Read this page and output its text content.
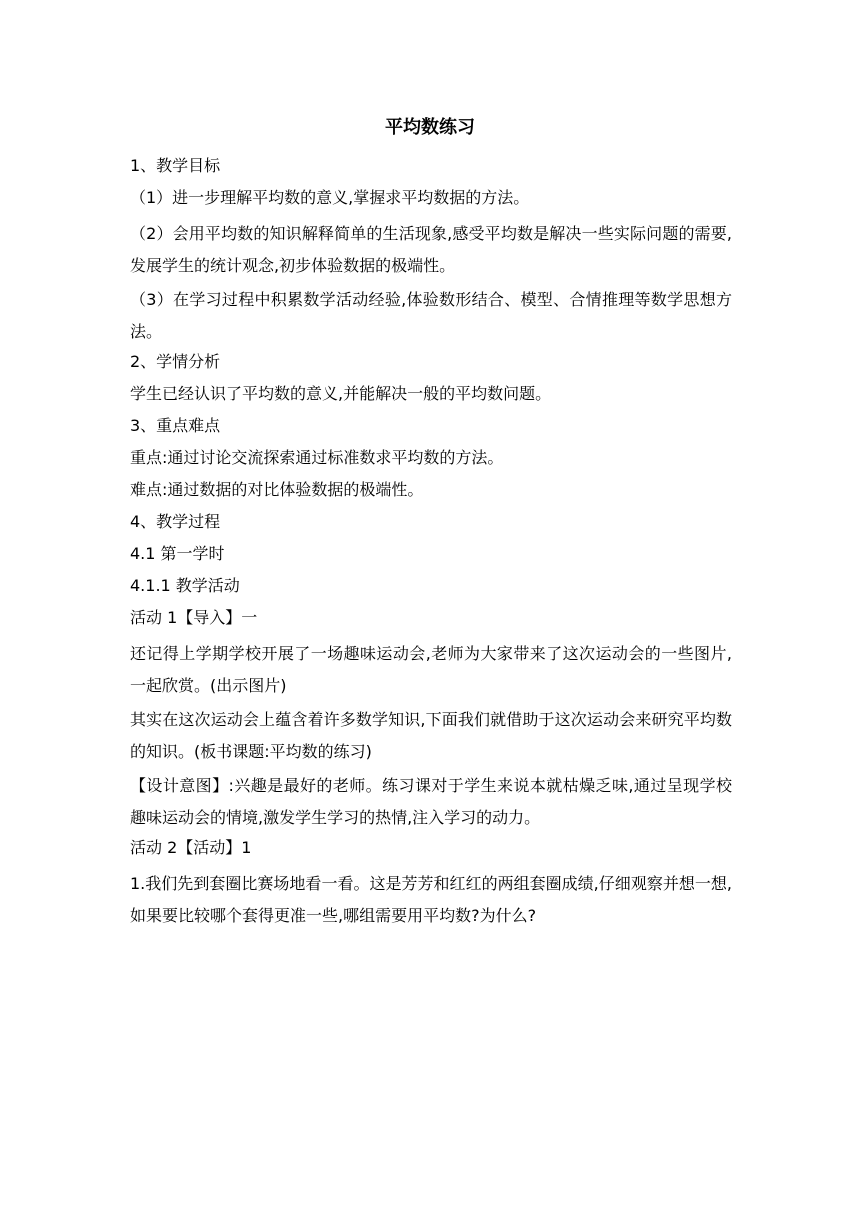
平均数练习

1、教学目标

（1）进一步理解平均数的意义,掌握求平均数据的方法。

（2）会用平均数的知识解释简单的生活现象,感受平均数是解决一些实际问题的需要,发展学生的统计观念,初步体验数据的极端性。

（3）在学习过程中积累数学活动经验,体验数形结合、模型、合情推理等数学思想方法。

2、学情分析

学生已经认识了平均数的意义,并能解决一般的平均数问题。

3、重点难点

重点:通过讨论交流探索通过标准数求平均数的方法。

难点:通过数据的对比体验数据的极端性。

4、教学过程

4.1 第一学时

4.1.1 教学活动

活动 1【导入】一

还记得上学期学校开展了一场趣味运动会,老师为大家带来了这次运动会的一些图片,一起欣赏。(出示图片)

其实在这次运动会上蕴含着许多数学知识,下面我们就借助于这次运动会来研究平均数的知识。(板书课题:平均数的练习)

【设计意图】:兴趣是最好的老师。练习课对于学生来说本就枯燥乏味,通过呈现学校趣味运动会的情境,激发学生学习的热情,注入学习的动力。

活动 2【活动】1

1.我们先到套圈比赛场地看一看。这是芳芳和红红的两组套圈成绩,仔细观察并想一想,如果要比较哪个套得更准一些,哪组需要用平均数?为什么?
